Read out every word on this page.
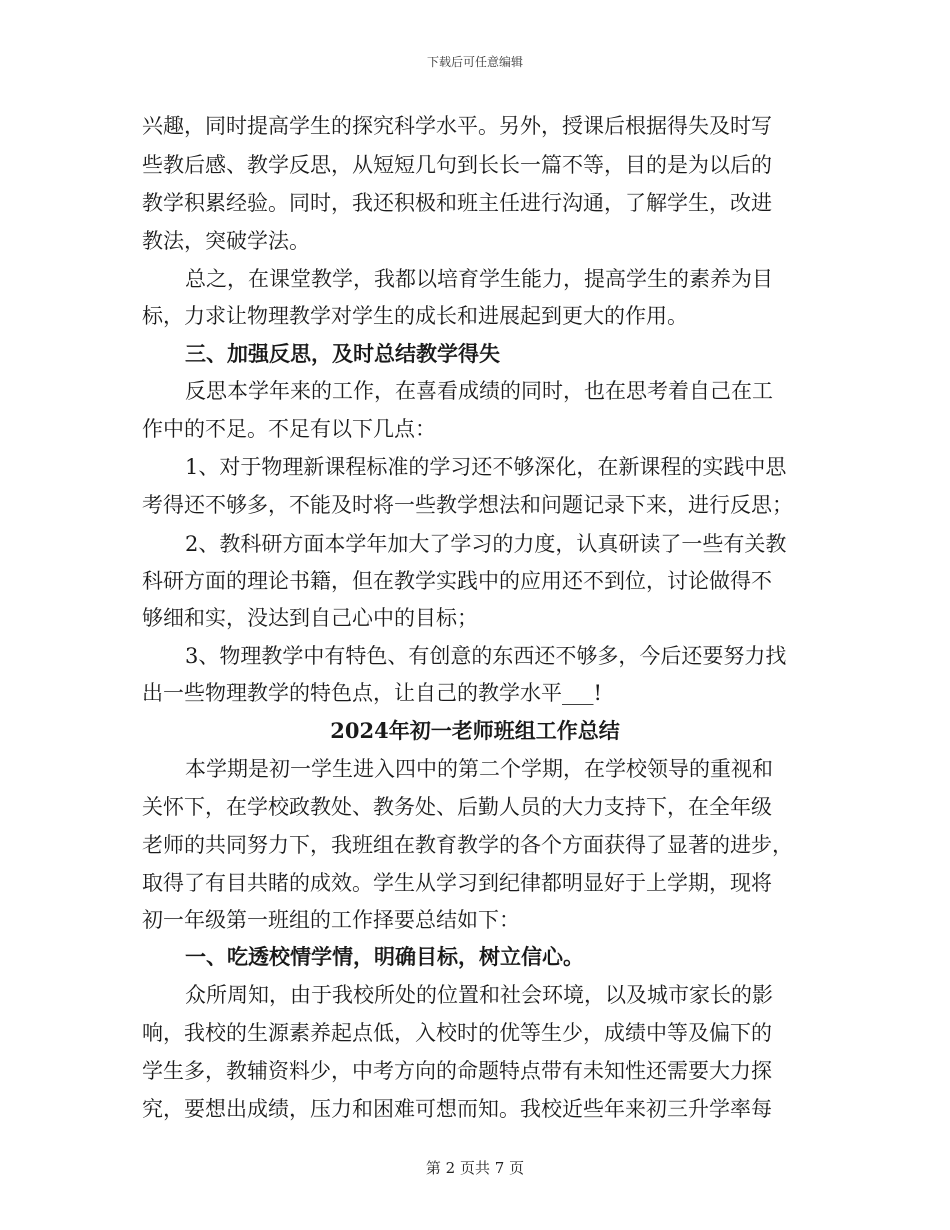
下载后可任意编辑
兴趣，同时提高学生的探究科学水平。另外，授课后根据得失及时写
些教后感、教学反思，从短短几句到长长一篇不等，目的是为以后的
教学积累经验。同时，我还积极和班主任进行沟通，了解学生，改进
教法，突破学法。
总之，在课堂教学，我都以培育学生能力，提高学生的素养为目
标，力求让物理教学对学生的成长和进展起到更大的作用。
三、加强反思，及时总结教学得失
反思本学年来的工作，在喜看成绩的同时，也在思考着自己在工
作中的不足。不足有以下几点：
1、对于物理新课程标准的学习还不够深化，在新课程的实践中思
考得还不够多，不能及时将一些教学想法和问题记录下来，进行反思；
2、教科研方面本学年加大了学习的力度，认真研读了一些有关教
科研方面的理论书籍，但在教学实践中的应用还不到位，讨论做得不
够细和实，没达到自己心中的目标；
3、物理教学中有特色、有创意的东西还不够多，今后还要努力找
出一些物理教学的特色点，让自己的教学水平___!
2024年初一老师班组工作总结
本学期是初一学生进入四中的第二个学期，在学校领导的重视和
关怀下，在学校政教处、教务处、后勤人员的大力支持下，在全年级
老师的共同努力下，我班组在教育教学的各个方面获得了显著的进步，
取得了有目共睹的成效。学生从学习到纪律都明显好于上学期，现将
初一年级第一班组的工作择要总结如下：
一、吃透校情学情，明确目标，树立信心。
众所周知，由于我校所处的位置和社会环境，以及城市家长的影
响，我校的生源素养起点低，入校时的优等生少，成绩中等及偏下的
学生多，教辅资料少，中考方向的命题特点带有未知性还需要大力探
究，要想出成绩，压力和困难可想而知。我校近些年来初三升学率每
第 2 页共 7 页
